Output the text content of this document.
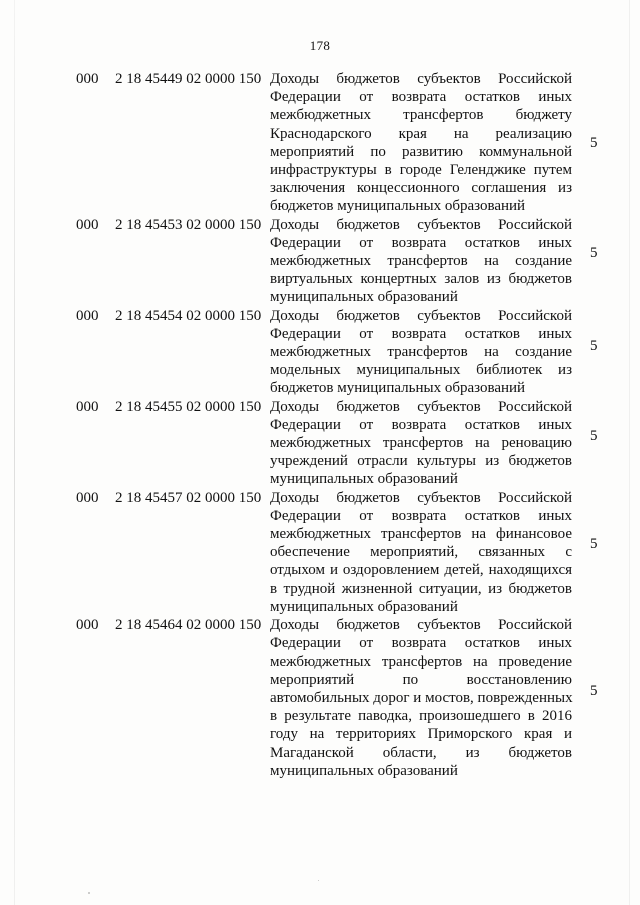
178
000 2 18 45449 02 0000 150
5
Доходы бюджетов субъектов Российской
Федерации от возврата остатков иных
межбюджетных трансфертов бюджету
Краснодарского края на реализацию
мероприятий по развитию коммунальной
инфраструктуры в городе Геленджике путем
заключения концессионного соглашения из
бюджетов муниципальных образований
000 2 18 45453 02 0000 150
5
Доходы бюджетов субъектов Российской
Федерации от возврата остатков иных
межбюджетных трансфертов на создание
виртуальных концертных залов из бюджетов
муниципальных образований
000 2 18 45454 02 0000 150
5
Доходы бюджетов субъектов Российской
Федерации от возврата остатков иных
межбюджетных трансфертов на создание
модельных муниципальных библиотек из
бюджетов муниципальных образований
000 2 18 45455 02 0000 150
5
Доходы бюджетов субъектов Российской
Федерации от возврата остатков иных
межбюджетных трансфертов на реновацию
учреждений отрасли культуры из бюджетов
муниципальных образований
000 2 18 45457 02 0000 150
5
Доходы бюджетов субъектов Российской
Федерации от возврата остатков иных
межбюджетных трансфертов на финансовое
обеспечение мероприятий, связанных с
отдыхом и оздоровлением детей, находящихся
в трудной жизненной ситуации, из бюджетов
муниципальных образований
000 2 18 45464 02 0000 150
5
Доходы бюджетов субъектов Российской
Федерации от возврата остатков иных
межбюджетных трансфертов на проведение
мероприятий по восстановлению
автомобильных дорог и мостов, поврежденных
в результате паводка, произошедшего в 2016
году на территориях Приморского края и
Магаданской области, из бюджетов
муниципальных образований
